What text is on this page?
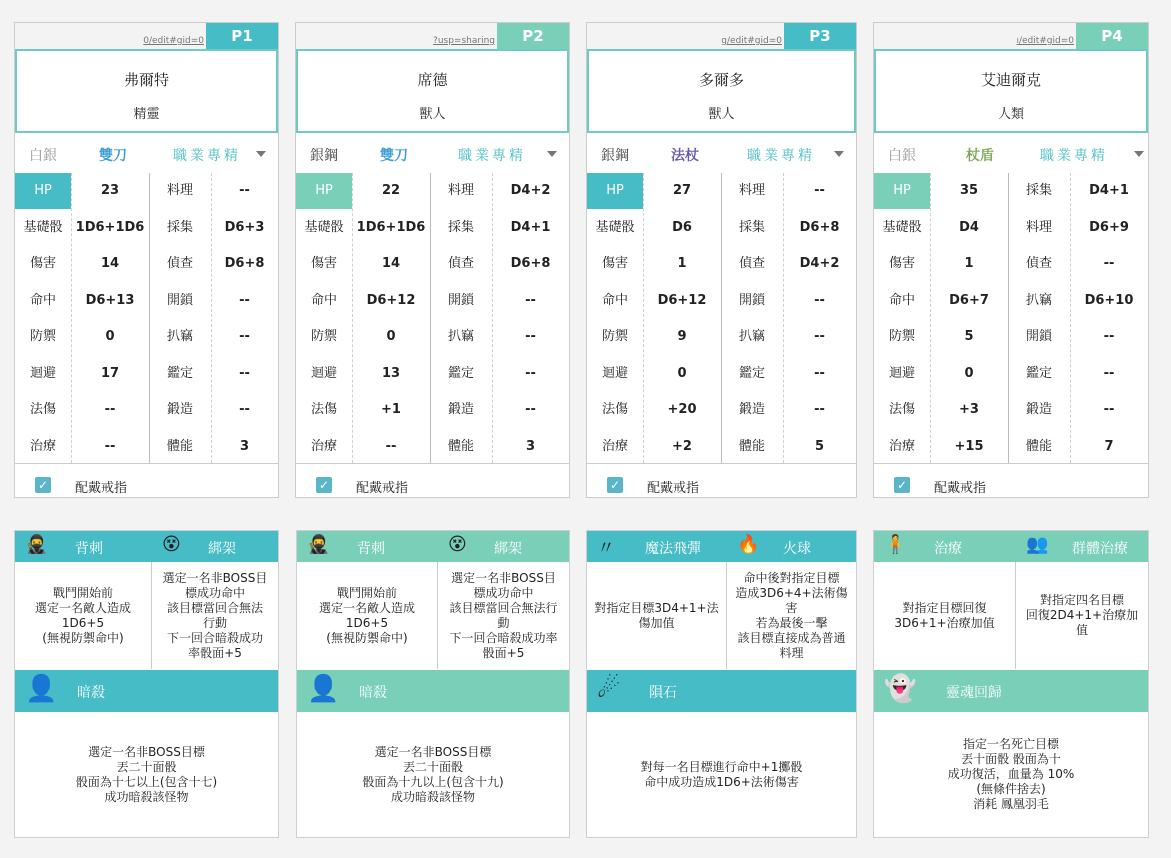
0/edit#gid=0	P1
弗爾特
精靈
白銀	雙刀	職業專精
HP	23	料理	--
基礎骰	1D6+1D6	採集	D6+3
傷害	14	偵查	D6+8
命中	D6+13	開鎖	--
防禦	0	扒竊	--
迴避	17	鑑定	--
法傷	--	鍛造	--
治療	--	體能	3
✓ 配戴戒指
?usp=sharing	P2
席德
獸人
銀鋼	雙刀	職業專精
HP	22	料理	D4+2
基礎骰	1D6+1D6	採集	D4+1
傷害	14	偵查	D6+8
命中	D6+12	開鎖	--
防禦	0	扒竊	--
迴避	13	鑑定	--
法傷	+1	鍛造	--
治療	--	體能	3
✓ 配戴戒指
g/edit#gid=0	P3
多爾多
獸人
銀鋼	法杖	職業專精
HP	27	料理	--
基礎骰	D6	採集	D6+8
傷害	1	偵查	D4+2
命中	D6+12	開鎖	--
防禦	9	扒竊	--
迴避	0	鑑定	--
法傷	+20	鍛造	--
治療	+2	體能	5
✓ 配戴戒指
ı/edit#gid=0	P4
艾迪爾克
人類
白銀	杖盾	職業專精
HP	35	採集	D4+1
基礎骰	D4	料理	D6+9
傷害	1	偵查	--
命中	D6+7	扒竊	D6+10
防禦	5	開鎖	--
迴避	0	鑑定	--
法傷	+3	鍛造	--
治療	+15	體能	7
✓ 配戴戒指
🥷 背刺	😵	綁架
戰鬥開始前
選定一名敵人造成
1D6+5
(無視防禦命中)
選定一名非BOSS目
標成功命中
該目標當回合無法
行動
下一回合暗殺成功
率骰面+5
👤	暗殺
選定一名非BOSS目標
丟二十面骰
骰面為十七以上(包含十七)
成功暗殺該怪物
🥷 背刺	😵	綁架
戰鬥開始前
選定一名敵人造成
1D6+5
(無視防禦命中)
選定一名非BOSS目
標成功命中
該目標當回合無法行
動
下一回合暗殺成功率
骰面+5
👤	暗殺
選定一名非BOSS目標
丟二十面骰
骰面為十九以上(包含十九)
成功暗殺該怪物
〃	魔法飛彈 🔥 火球
對指定目標3D4+1+法
傷加值
命中後對指定目標
造成3D6+4+法術傷
害
若為最後一擊
該目標直接成為普通
料理
☄	隕石
對每一名目標進行命中+1擲骰
命中成功造成1D6+法術傷害
🧍 治療	👥 群體治療
對指定目標回復
3D6+1+治療加值
對指定四名目標
回復2D4+1+治療加
值
👻	靈魂回歸
指定一名死亡目標
丟十面骰 骰面為十
成功復活，血量為 10%
(無條件捨去)
消耗 鳳凰羽毛
